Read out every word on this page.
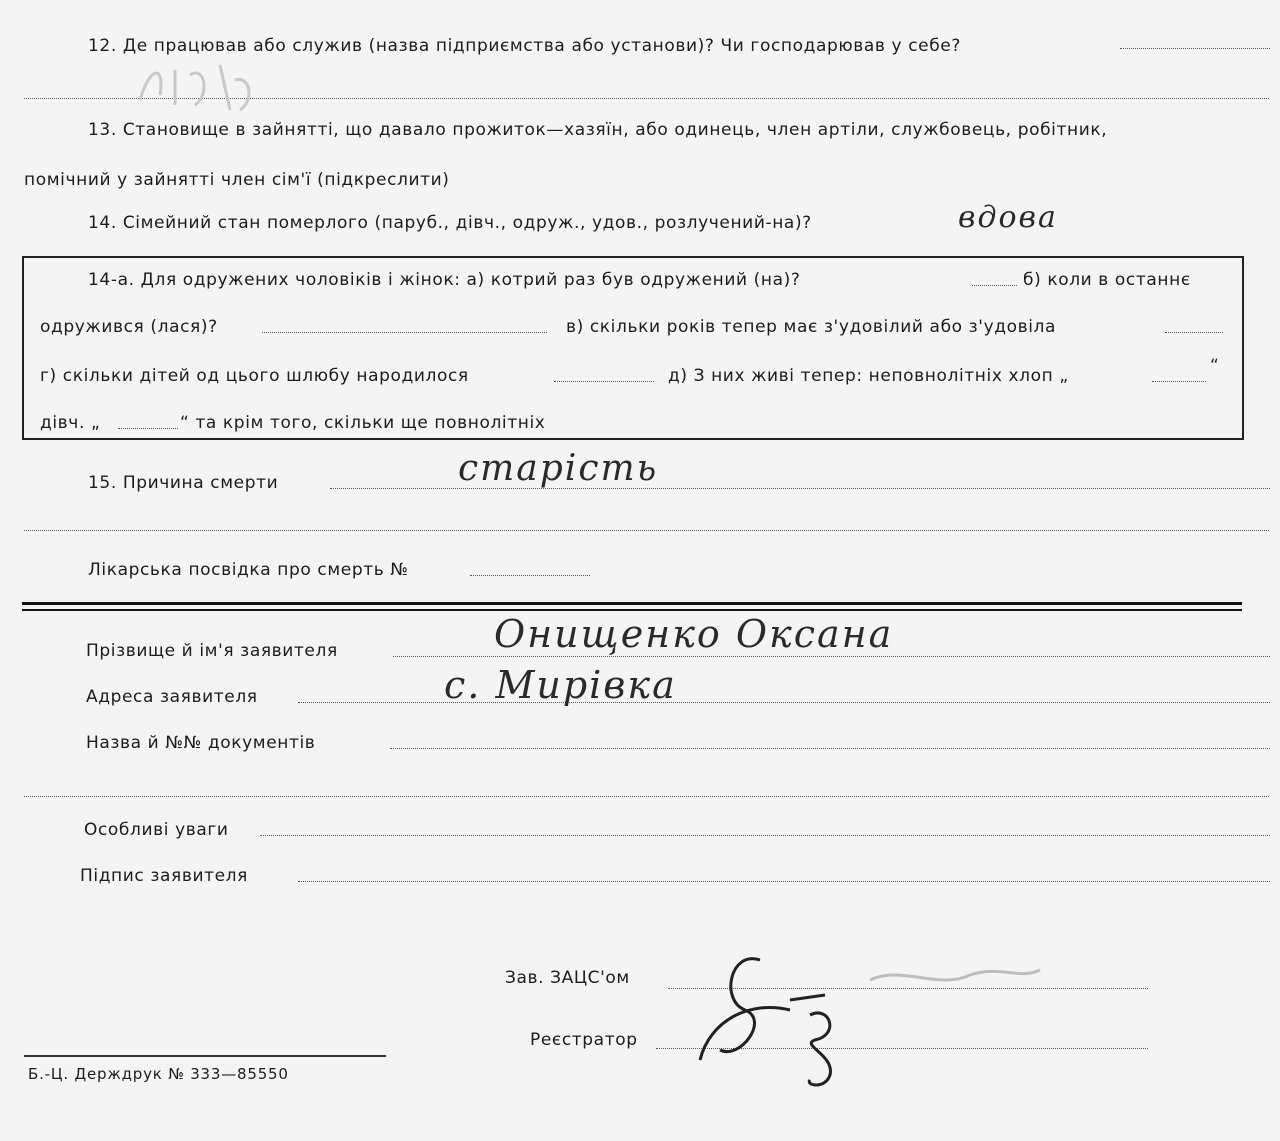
12. Де працював або служив (назва підприємства або установи)? Чи господарював у себе?
13. Становище в зайнятті, що давало прожиток—хазяїн, або одинець, член артіли, службовець, робітник,
помічний у зайнятті член сім'ї (підкреслити)
14. Сімейний стан померлого (паруб., дівч., одруж., удов., розлучений-на)?	вдова
14-а. Для одружених чоловіків і жінок: а) котрий раз був одружений (на)?	б) коли в останнє
одружився (лася)?	в) скільки років тепер має з'удовілий або з'удовіла
г) скільки дітей од цього шлюбу народилося	д) З них живі тепер: неповнолітніх хлоп „	“
дівч. „	“ та крім того, скільки ще повнолітніх
15. Причина смерти	старість
Лікарська посвідка про смерть №
Прізвище й ім'я заявителя	Онищенко Оксана
Адреса заявителя	с. Мирівка
Назва й №№ документів
Особливі уваги
Підпис заявителя
Зав. ЗАЦС'ом
Реєстратор
Б.-Ц. Держдрук № 333—85550
